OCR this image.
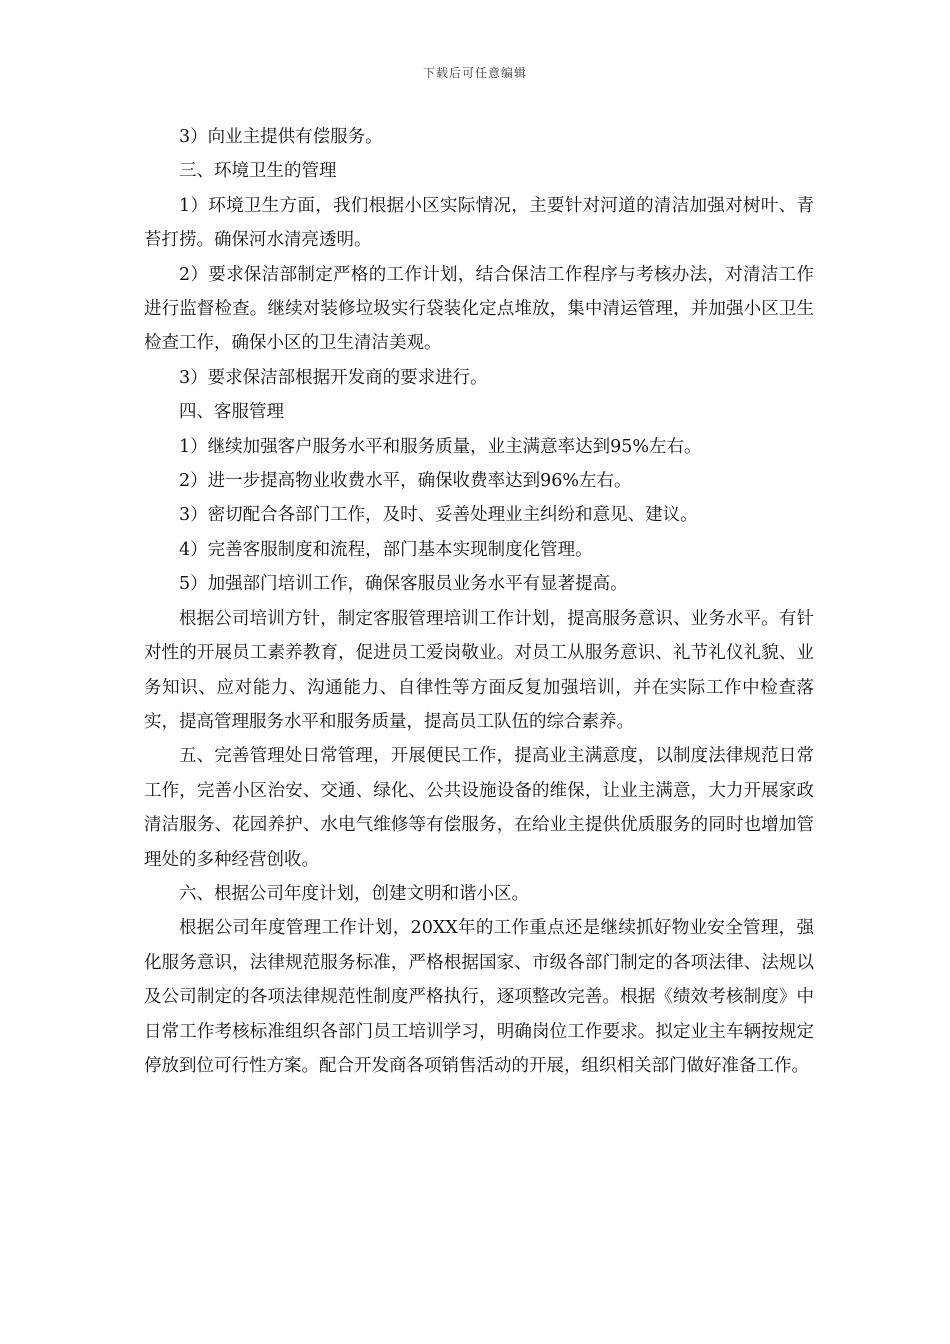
下载后可任意编辑

3）向业主提供有偿服务。

三、环境卫生的管理

1）环境卫生方面，我们根据小区实际情况，主要针对河道的清洁加强对树叶、青苔打捞。确保河水清亮透明。

2）要求保洁部制定严格的工作计划，结合保洁工作程序与考核办法，对清洁工作进行监督检查。继续对装修垃圾实行袋装化定点堆放，集中清运管理，并加强小区卫生检查工作，确保小区的卫生清洁美观。

3）要求保洁部根据开发商的要求进行。

四、客服管理

1）继续加强客户服务水平和服务质量，业主满意率达到95%左右。

2）进一步提高物业收费水平，确保收费率达到96%左右。

3）密切配合各部门工作，及时、妥善处理业主纠纷和意见、建议。

4）完善客服制度和流程，部门基本实现制度化管理。

5）加强部门培训工作，确保客服员业务水平有显著提高。

根据公司培训方针，制定客服管理培训工作计划，提高服务意识、业务水平。有针对性的开展员工素养教育，促进员工爱岗敬业。对员工从服务意识、礼节礼仪礼貌、业务知识、应对能力、沟通能力、自律性等方面反复加强培训，并在实际工作中检查落实，提高管理服务水平和服务质量，提高员工队伍的综合素养。

五、完善管理处日常管理，开展便民工作，提高业主满意度，以制度法律规范日常工作，完善小区治安、交通、绿化、公共设施设备的维保，让业主满意，大力开展家政清洁服务、花园养护、水电气维修等有偿服务，在给业主提供优质服务的同时也增加管理处的多种经营创收。

六、根据公司年度计划，创建文明和谐小区。

根据公司年度管理工作计划，20XX年的工作重点还是继续抓好物业安全管理，强化服务意识，法律规范服务标准，严格根据国家、市级各部门制定的各项法律、法规以及公司制定的各项法律规范性制度严格执行，逐项整改完善。根据《绩效考核制度》中日常工作考核标准组织各部门员工培训学习，明确岗位工作要求。拟定业主车辆按规定停放到位可行性方案。配合开发商各项销售活动的开展，组织相关部门做好准备工作。
